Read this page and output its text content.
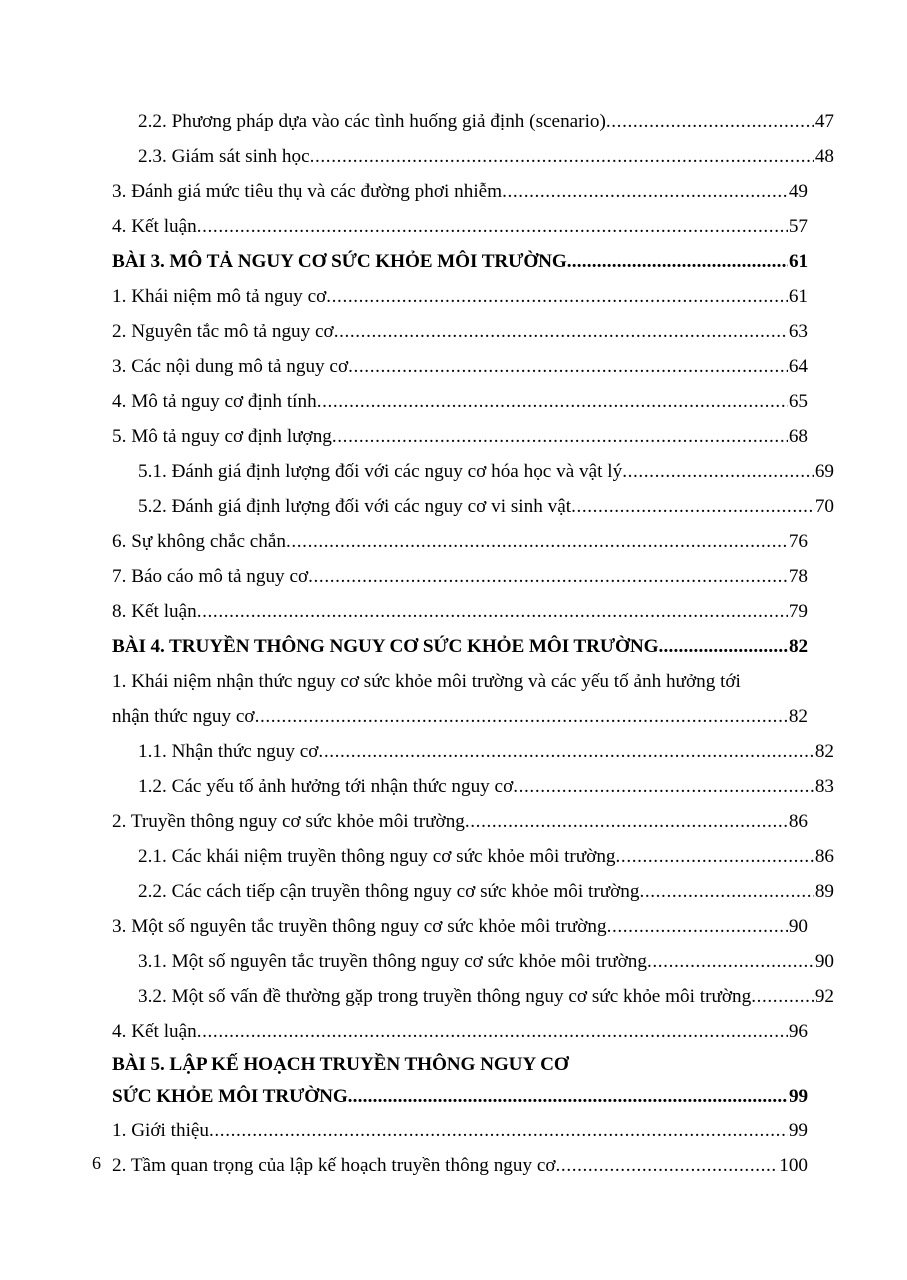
2.2. Phương pháp dựa vào các tình huống giả định (scenario) .....	47
2.3. Giám sát sinh học .....	48
3. Đánh giá mức tiêu thụ và các đường phơi nhiễm .....	49
4. Kết luận .....	57
BÀI 3. MÔ TẢ NGUY CƠ SỨC KHỎE MÔI TRƯỜNG .....	61
1. Khái niệm mô tả nguy cơ .....	61
2. Nguyên tắc mô tả nguy cơ .....	63
3. Các nội dung mô tả nguy cơ .....	64
4. Mô tả nguy cơ định tính .....	65
5. Mô tả nguy cơ định lượng .....	68
5.1. Đánh giá định lượng đối với các nguy cơ hóa học và vật lý .....	69
5.2. Đánh giá định lượng đối với các nguy cơ vi sinh vật .....	70
6. Sự không chắc chắn .....	76
7. Báo cáo mô tả nguy cơ .....	78
8. Kết luận .....	79
BÀI 4. TRUYỀN THÔNG NGUY CƠ SỨC KHỎE MÔI TRƯỜNG .....	82
1. Khái niệm nhận thức nguy cơ sức khỏe môi trường và các yếu tố ảnh hưởng tới
nhận thức nguy cơ .....	82
1.1. Nhận thức nguy cơ .....	82
1.2. Các yếu tố ảnh hưởng tới nhận thức nguy cơ .....	83
2. Truyền thông nguy cơ sức khỏe môi trường .....	86
2.1. Các khái niệm truyền thông nguy cơ sức khỏe môi trường .....	86
2.2. Các cách tiếp cận truyền thông nguy cơ sức khỏe môi trường .....	89
3. Một số nguyên tắc truyền thông nguy cơ sức khỏe môi trường .....	90
3.1. Một số nguyên tắc truyền thông nguy cơ sức khỏe môi trường .....	90
3.2. Một số vấn đề thường gặp trong truyền thông nguy cơ sức khỏe môi trường .....	92
4. Kết luận .....	96
BÀI 5. LẬP KẾ HOẠCH TRUYỀN THÔNG NGUY CƠ
SỨC KHỎE MÔI TRƯỜNG .....	99
1. Giới thiệu .....	99
2. Tầm quan trọng của lập kế hoạch truyền thông nguy cơ .....	100
6
